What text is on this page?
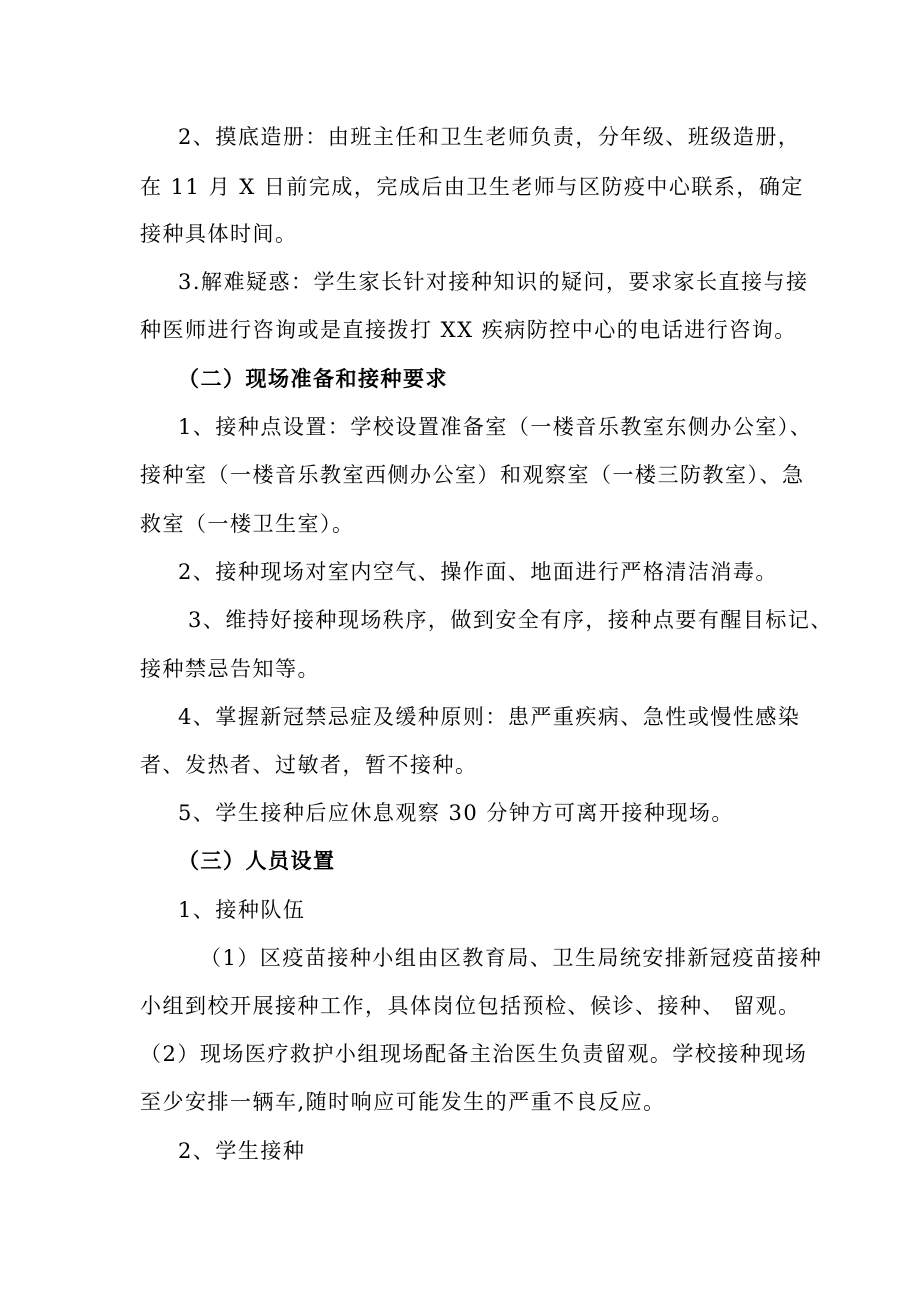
2、摸底造册：由班主任和卫生老师负责，分年级、班级造册，

在 11 月 X 日前完成，完成后由卫生老师与区防疫中心联系，确定

接种具体时间。

3.解难疑惑：学生家长针对接种知识的疑问，要求家长直接与接

种医师进行咨询或是直接拨打 XX 疾病防控中心的电话进行咨询。

（二）现场准备和接种要求

1、接种点设置：学校设置准备室（一楼音乐教室东侧办公室）、

接种室（一楼音乐教室西侧办公室）和观察室（一楼三防教室）、急

救室（一楼卫生室）。

2、接种现场对室内空气、操作面、地面进行严格清洁消毒。

3、维持好接种现场秩序，做到安全有序，接种点要有醒目标记、

接种禁忌告知等。

4、掌握新冠禁忌症及缓种原则：患严重疾病、急性或慢性感染

者、发热者、过敏者，暂不接种。

5、学生接种后应休息观察 30 分钟方可离开接种现场。

（三）人员设置

1、接种队伍

（1）区疫苗接种小组由区教育局、卫生局统安排新冠疫苗接种

小组到校开展接种工作，具体岗位包括预检、候诊、接种、 留观。

（2）现场医疗救护小组现场配备主治医生负责留观。学校接种现场

至少安排一辆车,随时响应可能发生的严重不良反应。

2、学生接种
